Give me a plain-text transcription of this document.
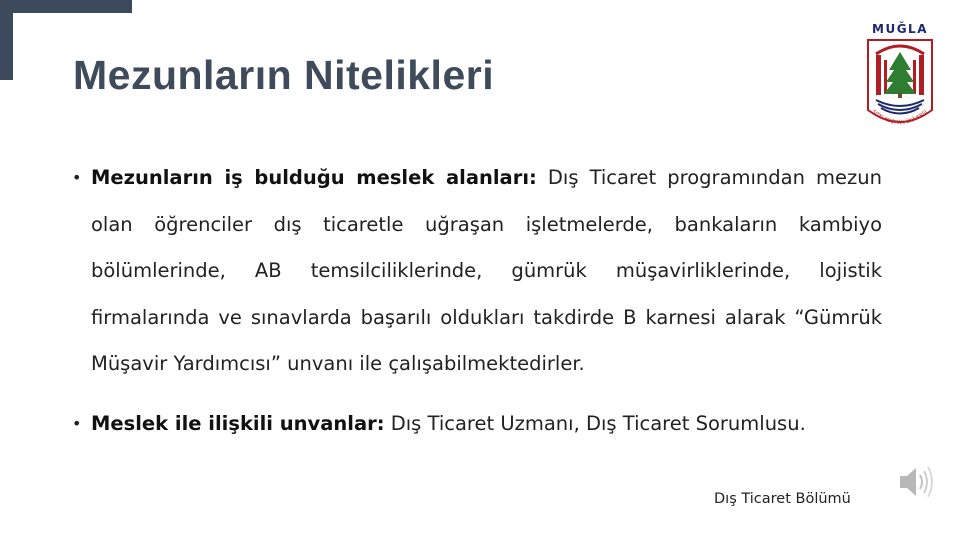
Mezunların Nitelikleri
MUĞLA
SITKI KOÇMAN ÜNİVERSİ
• Mezunların iş bulduğu meslek alanları: Dış Ticaret programından mezun olan öğrenciler dış ticaretle uğraşan işletmelerde, bankaların kambiyo bölümlerinde, AB temsilciliklerinde, gümrük müşavirliklerinde, lojistik firmalarında ve sınavlarda başarılı oldukları takdirde B karnesi alarak “Gümrük Müşavir Yardımcısı” unvanı ile çalışabilmektedirler.

• Meslek ile ilişkili unvanlar: Dış Ticaret Uzmanı, Dış Ticaret Sorumlusu.

Dış Ticaret Bölümü
